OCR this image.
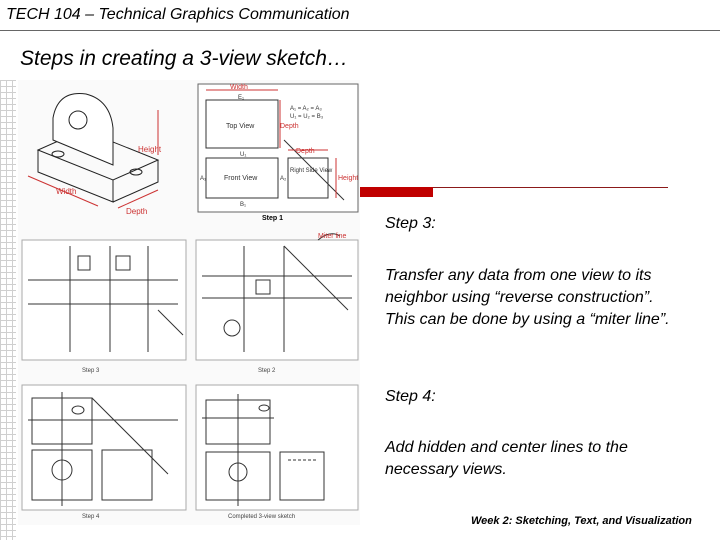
TECH 104 – Technical Graphics Communication
Steps in creating a 3-view sketch…
Width
Depth
Height
Width
Depth
Depth
Height
Top View
Front View
Right Side View
E₁
U₁
B₁
A₁	A₂
A₁ = A₂ = A₃
U₁ = U₂ = B₃
Step 1
Step 3
Miter line
Step 2
Step 4	Completed 3-view sketch
Step 3:
Transfer any data from one view to its neighbor using “reverse construction”. This can be done by using a “miter line”.
Step 4:
Add hidden and center lines to the necessary views.
Week 2: Sketching, Text, and Visualization
